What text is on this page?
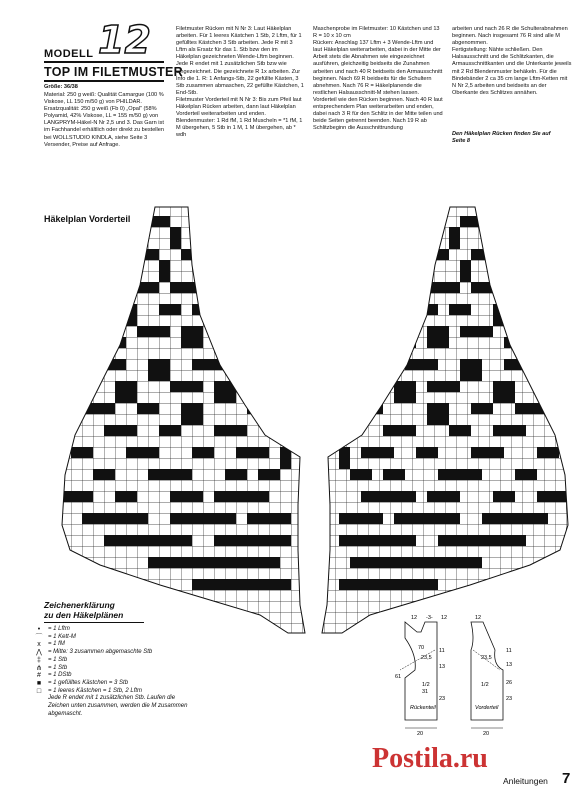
MODELL 12
TOP IM FILETMUSTER
Größe: 36/38
Material: 250 g weiß: Qualität Camargue (100 % Viskose, LL 150 m/50 g) von PHILDAR. Ersatzqualität: 250 g weiß (Fb 0) „Opal“ (58% Polyamid, 42% Viskose, LL = 155 m/50 g) von LANGPRYM-Häkel-N Nr 2,5 und 3. Das Garn ist im Fachhandel erhältlich oder direkt zu bestellen bei WOLLSTUDIO KINDLA, siehe Seite 3 Versender, Preise auf Anfrage.
Filetmuster Rücken mit N Nr 3: Laut Häkelplan arbeiten. Für 1 leeres Kästchen 1 Stb, 2 Lftm, für 1 gefülltes Kästchen 3 Stb arbeiten. Jede R mit 3 Lftm als Ersatz für das 1. Stb bzw den im Häkelplan gezeichneten Wende-Lftm beginnen. Jede R endet mit 1 zusätzlichen Stb bzw wie eingezeichnet. Die gezeichnete R 1x arbeiten. Zur Info die 1. R: 1 Anfangs-Stb, 22 gefüllte Kästen, 3 Stb zusammen abmaschen, 22 gefüllte Kästchen, 1 End-Stb.
Filetmuster Vorderteil mit N Nr 3: Bis zum Pfeil laut Häkelplan Rücken arbeiten, dann laut Häkelplan Vorderteil weiterarbeiten und enden.
Blendenmuster: 1 Rd fM, 1 Rd Muscheln = *1 fM, 1 M übergehen, 5 Stb in 1 M, 1 M übergehen, ab * wdh
Maschenprobe im Filetmuster: 10 Kästchen und 13 R = 10 x 10 cm
Rücken: Anschlag 137 Lftm + 3 Wende-Lftm und laut Häkelplan weiterarbeiten, dabei in der Mitte der Arbeit stets die Abnahmen wie eingezeichnet ausführen, gleichzeitig beidseits die Zunahmen arbeiten und nach 40 R beidseits den Armausschnitt beginnen. Nach 69 R beidseits für die Schultern abnehmen. Nach 76 R = Häkelplanende die restlichen Halsausschnitt-M stehen lassen.
Vorderteil wie den Rücken beginnen. Nach 40 R laut entsprechendem Plan weiterarbeiten und enden, dabei nach 3 R für den Schlitz in der Mitte teilen und beide Seiten getrennt beenden. Nach 19 R ab Schlitzbeginn die Ausschnittrundung
arbeiten und nach 26 R die Schulterabnahmen beginnen. Nach insgesamt 76 R sind alle M abgenommen.
Fertigstellung: Nähte schließen. Den Halsausschnitt und die Schlitzkanten, die Armausschnittkanten und die Unterkante jeweils mit 2 Rd Blendenmuster behäkeln. Für die Bindebänder 2 ca 35 cm lange Lftm-Ketten mit N Nr 2,5 arbeiten und beidseits an der Oberkante des Schlitzes annähen.
Den Häkelplan Rücken finden Sie auf Seite 8
Häkelplan Vorderteil
Zeichenerklärung
zu den Häkelplänen
•	= 1 Lftm
⌒ = 1 Kett-M
x	= 1 fM
⋀	= Mitte: 3 zusammen abgemaschte Stb
‡	= 1 Stb
⋔	= 1 Stb
#	= 1 DStb
■	= 1 gefülltes Kästchen = 3 Stb
□	= 1 leeres Kästchen = 1 Stb, 2 Lftm
Jede R endet mit 1 zusätzlichen Stb. Laufen die Zeichen unten zusammen, werden die M zusammen abgemascht.
12 -3- 12	12
70
23,5	23,5
11	11
13
61
13
1/2	1/2
31
23	23
26
20	20
Rückenteil	Vorderteil
Postila.ru
Anleitungen 7
